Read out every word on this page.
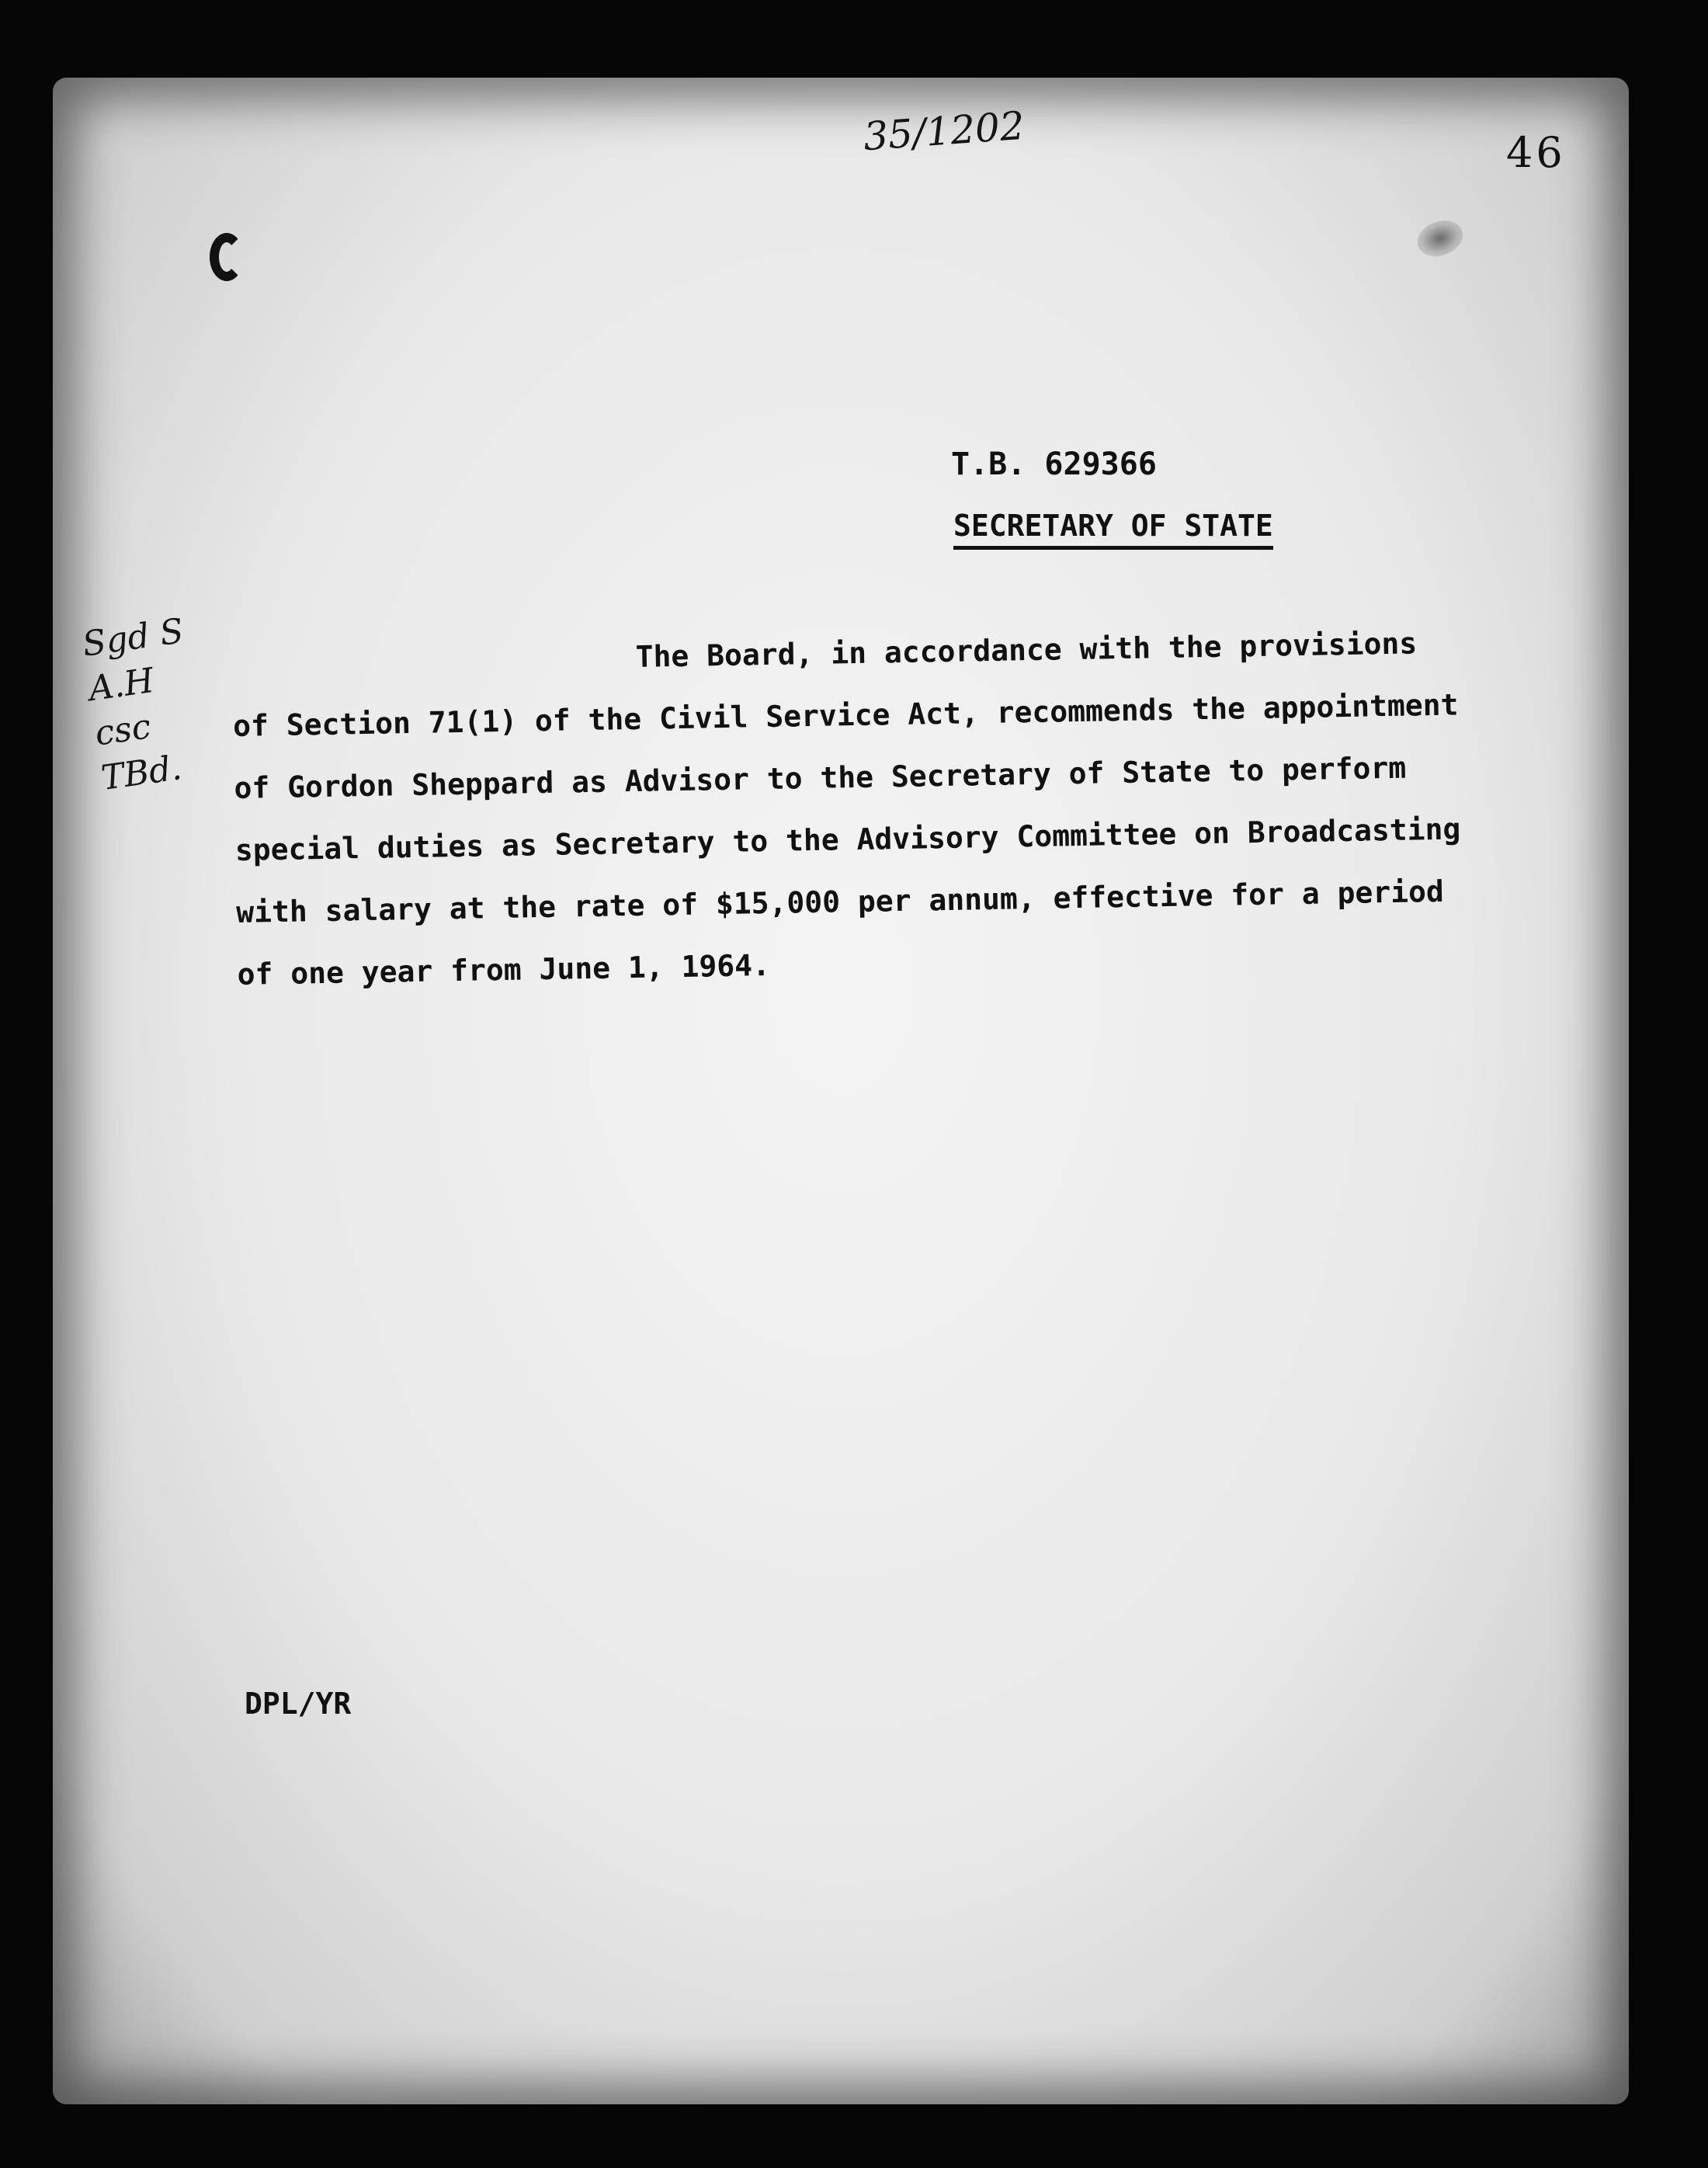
35/1202	46
T.B. 629366
SECRETARY OF STATE
Sgd S
A.H
csc
TBd.
The Board, in accordance with the provisions
of Section 71(1) of the Civil Service Act, recommends the appointment
of Gordon Sheppard as Advisor to the Secretary of State to perform
special duties as Secretary to the Advisory Committee on Broadcasting
with salary at the rate of $15,000 per annum, effective for a period
of one year from June 1, 1964.
DPL/YR
